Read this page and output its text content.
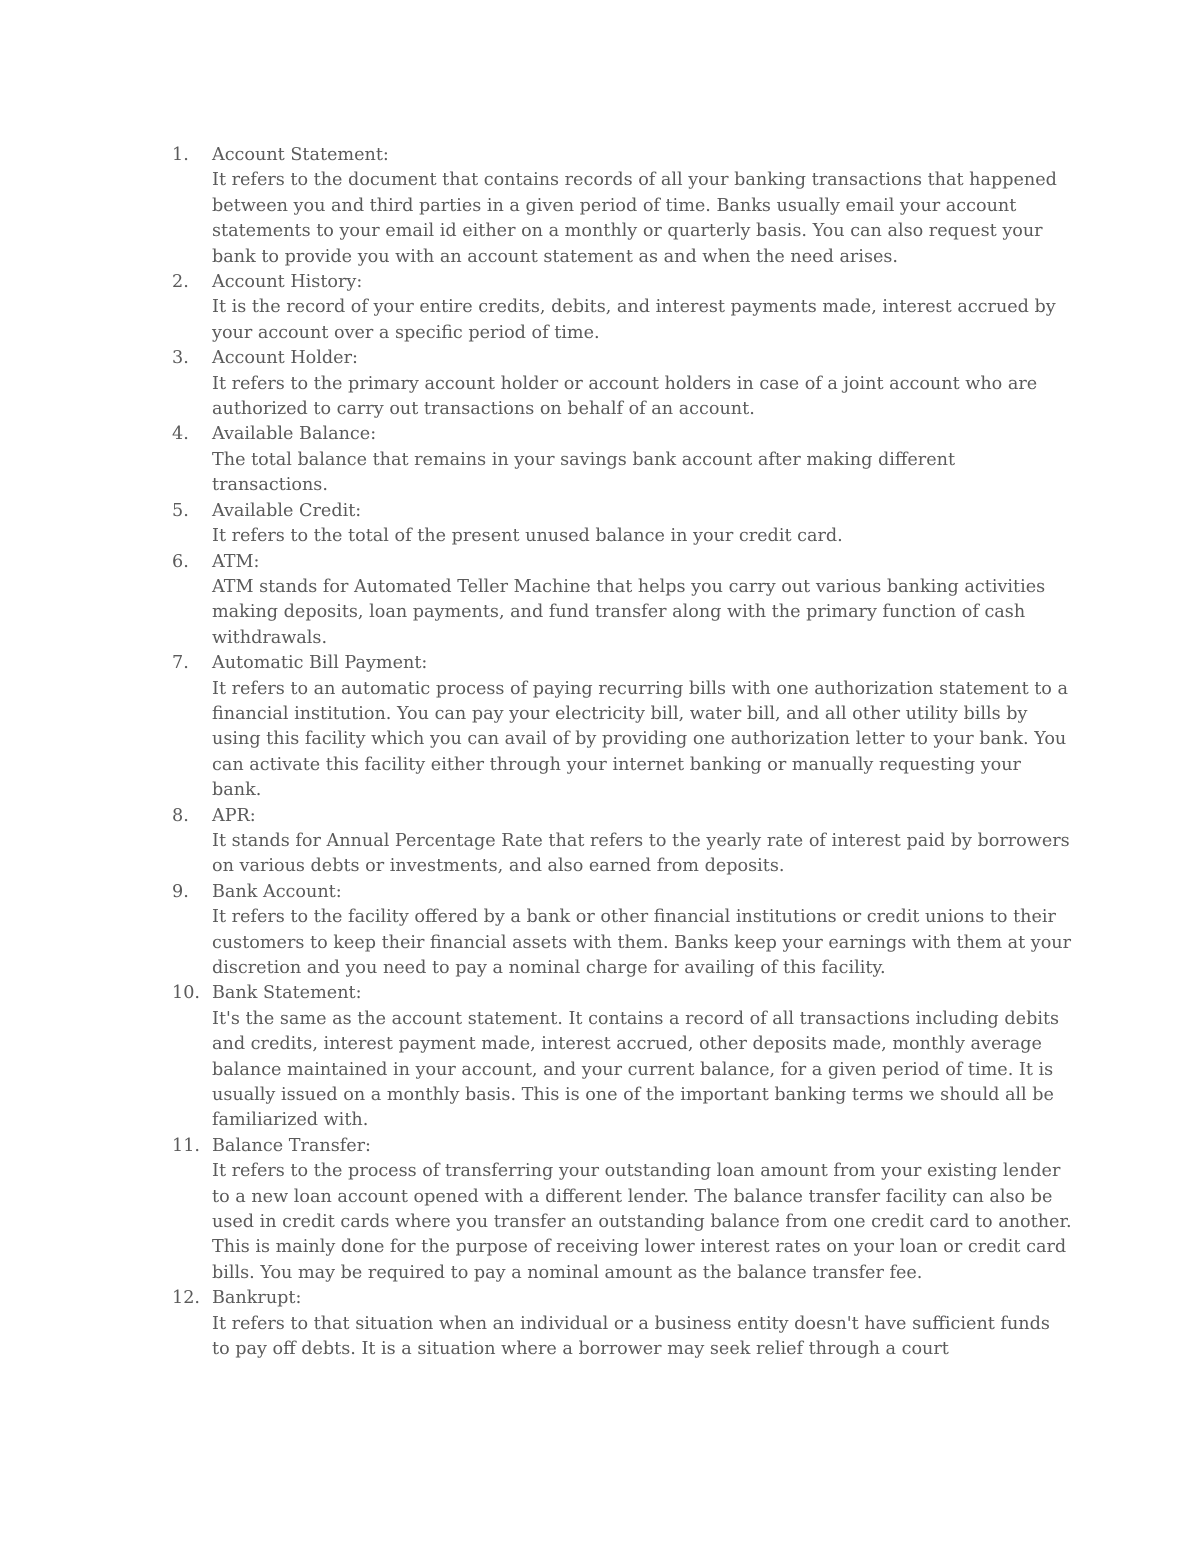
1.	Account Statement:
It refers to the document that contains records of all your banking transactions that happened between you and third parties in a given period of time. Banks usually email your account statements to your email id either on a monthly or quarterly basis. You can also request your bank to provide you with an account statement as and when the need arises.
2.	Account History:
It is the record of your entire credits, debits, and interest payments made, interest accrued by your account over a specific period of time.
3.	Account Holder:
It refers to the primary account holder or account holders in case of a joint account who are authorized to carry out transactions on behalf of an account.
4.	Available Balance:
The total balance that remains in your savings bank account after making different transactions.
5.	Available Credit:
It refers to the total of the present unused balance in your credit card.
6.	ATM:
ATM stands for Automated Teller Machine that helps you carry out various banking activities making deposits, loan payments, and fund transfer along with the primary function of cash withdrawals.
7.	Automatic Bill Payment:
It refers to an automatic process of paying recurring bills with one authorization statement to a financial institution. You can pay your electricity bill, water bill, and all other utility bills by using this facility which you can avail of by providing one authorization letter to your bank. You can activate this facility either through your internet banking or manually requesting your bank.
8.	APR:
It stands for Annual Percentage Rate that refers to the yearly rate of interest paid by borrowers on various debts or investments, and also earned from deposits.
9.	Bank Account:
It refers to the facility offered by a bank or other financial institutions or credit unions to their customers to keep their financial assets with them. Banks keep your earnings with them at your discretion and you need to pay a nominal charge for availing of this facility.
10. Bank Statement:
It's the same as the account statement. It contains a record of all transactions including debits and credits, interest payment made, interest accrued, other deposits made, monthly average balance maintained in your account, and your current balance, for a given period of time. It is usually issued on a monthly basis. This is one of the important banking terms we should all be familiarized with.
11. Balance Transfer:
It refers to the process of transferring your outstanding loan amount from your existing lender to a new loan account opened with a different lender. The balance transfer facility can also be used in credit cards where you transfer an outstanding balance from one credit card to another. This is mainly done for the purpose of receiving lower interest rates on your loan or credit card bills. You may be required to pay a nominal amount as the balance transfer fee.
12. Bankrupt:
It refers to that situation when an individual or a business entity doesn't have sufficient funds to pay off debts. It is a situation where a borrower may seek relief through a court
